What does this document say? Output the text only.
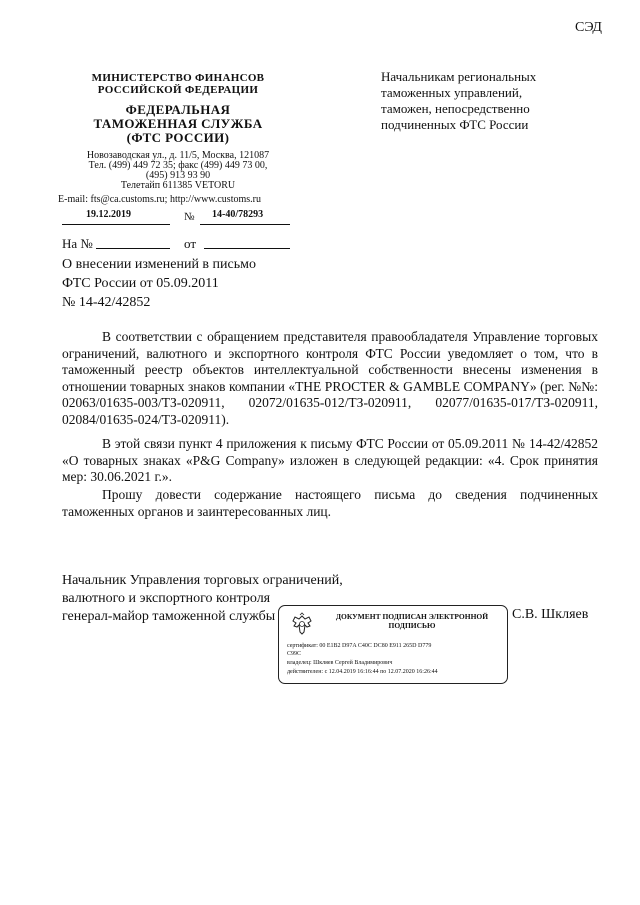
СЭД
МИНИСТЕРСТВО ФИНАНСОВ
РОССИЙСКОЙ ФЕДЕРАЦИИ
ФЕДЕРАЛЬНАЯ
ТАМОЖЕННАЯ СЛУЖБА
(ФТС РОССИИ)
Новозаводская ул., д. 11/5, Москва, 121087
Тел. (499) 449 72 35; факс (499) 449 73 00,
(495) 913 93 90
Телетайп 611385 VETORU
E-mail: fts@ca.customs.ru; http://www.customs.ru
19.12.2019	№ 14-40/78293
На №	от
О внесении изменений в письмо
ФТС России от 05.09.2011
№ 14-42/42852
Начальникам региональных
таможенных управлений,
таможен, непосредственно
подчиненных ФТС России
В соответствии с обращением представителя правообладателя Управление торговых ограничений, валютного и экспортного контроля ФТС России уведомляет о том, что в таможенный реестр объектов интеллектуальной собственности внесены изменения в отношении товарных знаков компании «THE PROCTER & GAMBLE COMPANY» (рег. №№: 02063/01635-003/ТЗ-020911, 02072/01635-012/ТЗ-020911, 02077/01635-017/ТЗ-020911, 02084/01635-024/ТЗ-020911).
В этой связи пункт 4 приложения к письму ФТС России от 05.09.2011 № 14-42/42852 «О товарных знаках «P&G Company» изложен в следующей редакции: «4. Срок принятия мер: 30.06.2021 г.».
Прошу довести содержание настоящего письма до сведения подчиненных таможенных органов и заинтересованных лиц.
Начальник Управления торговых ограничений,
валютного и экспортного контроля
генерал-майор таможенной службы	С.В. Шкляев
ДОКУМЕНТ ПОДПИСАН ЭЛЕКТРОННОЙ
ПОДПИСЬЮ
сертификат: 00 E1B2 D97A C40C DC80 E911 265D D779
C99C
владелец: Шкляев Сергей Владимирович
действителен: с 12.04.2019 16:16:44 по 12.07.2020 16:26:44
